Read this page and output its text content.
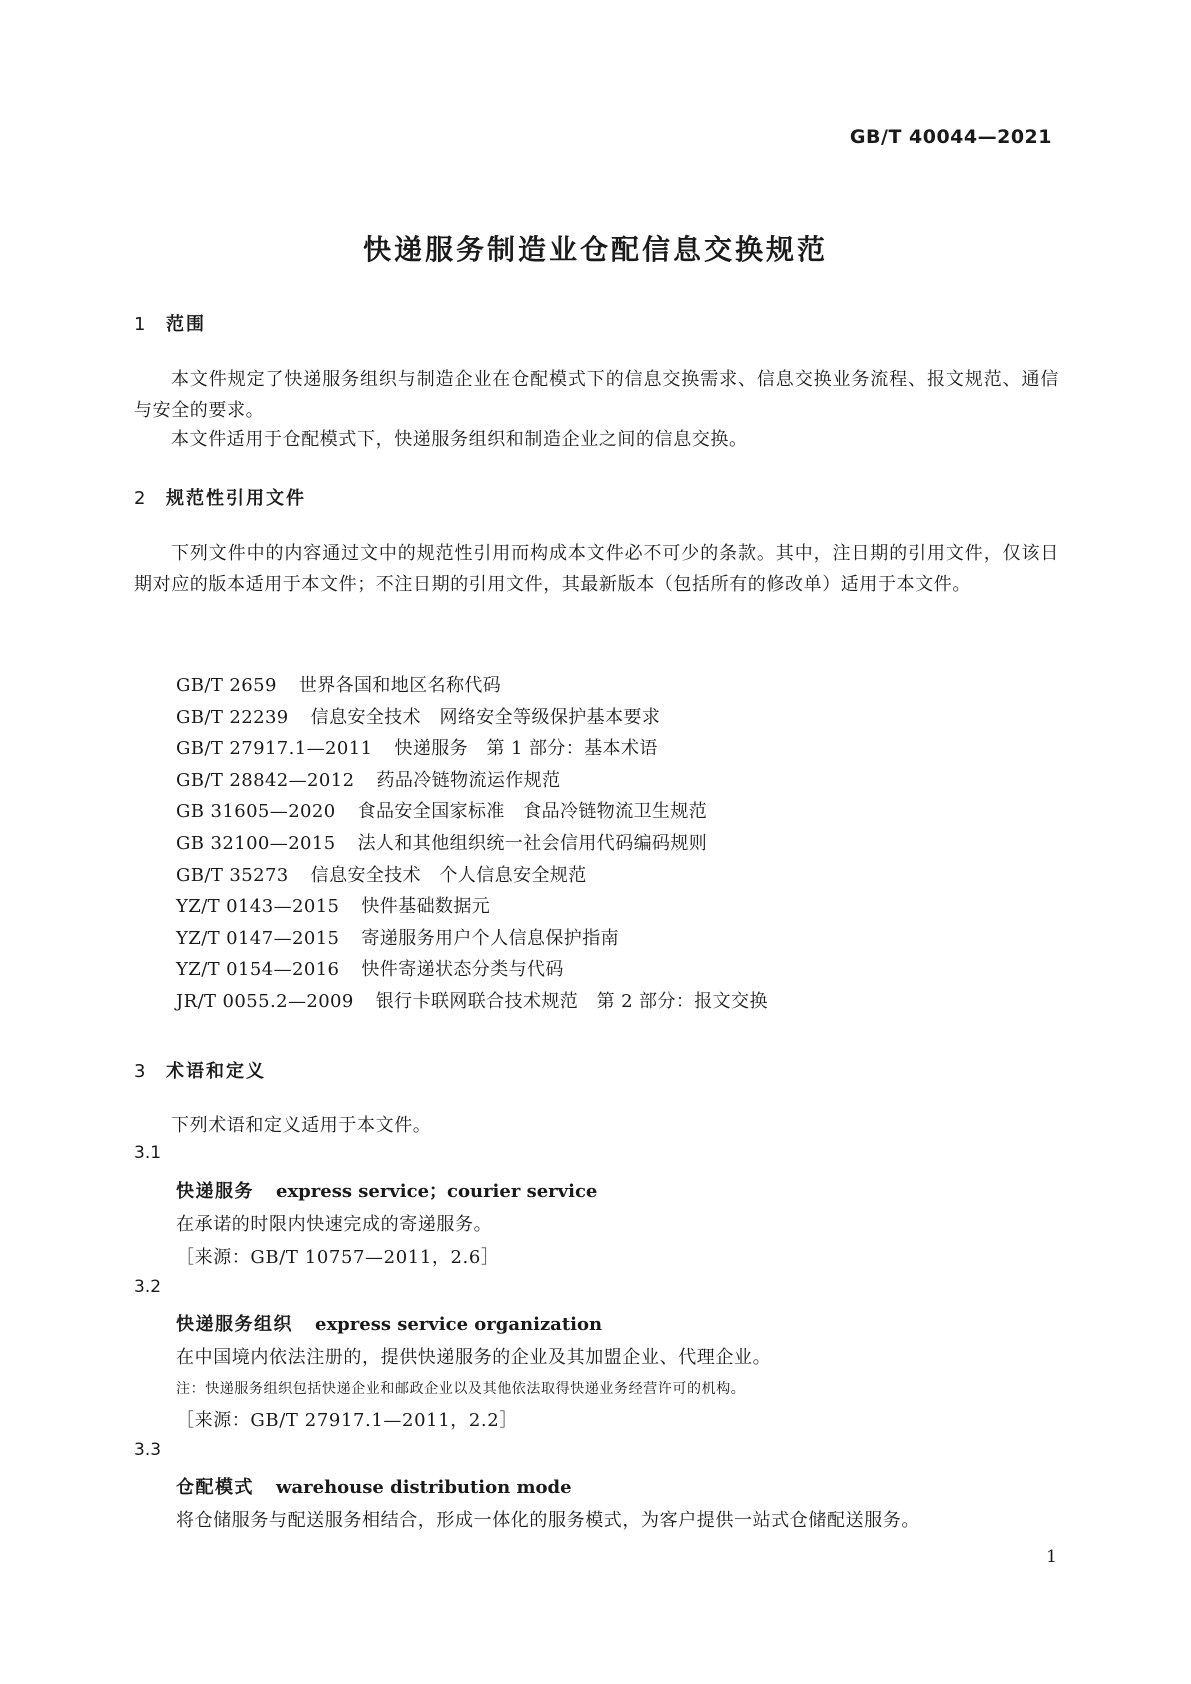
GB/T 40044—2021
快递服务制造业仓配信息交换规范
1 范围
本文件规定了快递服务组织与制造企业在仓配模式下的信息交换需求、信息交换业务流程、报文规范、通信与安全的要求。
本文件适用于仓配模式下，快递服务组织和制造企业之间的信息交换。
2 规范性引用文件
下列文件中的内容通过文中的规范性引用而构成本文件必不可少的条款。其中，注日期的引用文件，仅该日期对应的版本适用于本文件；不注日期的引用文件，其最新版本（包括所有的修改单）适用于本文件。
GB/T 2659 世界各国和地区名称代码
GB/T 22239 信息安全技术　网络安全等级保护基本要求
GB/T 27917.1—2011 快递服务　第 1 部分：基本术语
GB/T 28842—2012 药品冷链物流运作规范
GB 31605—2020 食品安全国家标准　食品冷链物流卫生规范
GB 32100—2015 法人和其他组织统一社会信用代码编码规则
GB/T 35273 信息安全技术　个人信息安全规范
YZ/T 0143—2015 快件基础数据元
YZ/T 0147—2015 寄递服务用户个人信息保护指南
YZ/T 0154—2016 快件寄递状态分类与代码
JR/T 0055.2—2009 银行卡联网联合技术规范　第 2 部分：报文交换
3 术语和定义
下列术语和定义适用于本文件。
3.1
快递服务 express service；courier service
在承诺的时限内快速完成的寄递服务。
［来源：GB/T 10757—2011，2.6］
3.2
快递服务组织 express service organization
在中国境内依法注册的，提供快递服务的企业及其加盟企业、代理企业。
注：快递服务组织包括快递企业和邮政企业以及其他依法取得快递业务经营许可的机构。
［来源：GB/T 27917.1—2011，2.2］
3.3
仓配模式 warehouse distribution mode
将仓储服务与配送服务相结合，形成一体化的服务模式，为客户提供一站式仓储配送服务。
1
